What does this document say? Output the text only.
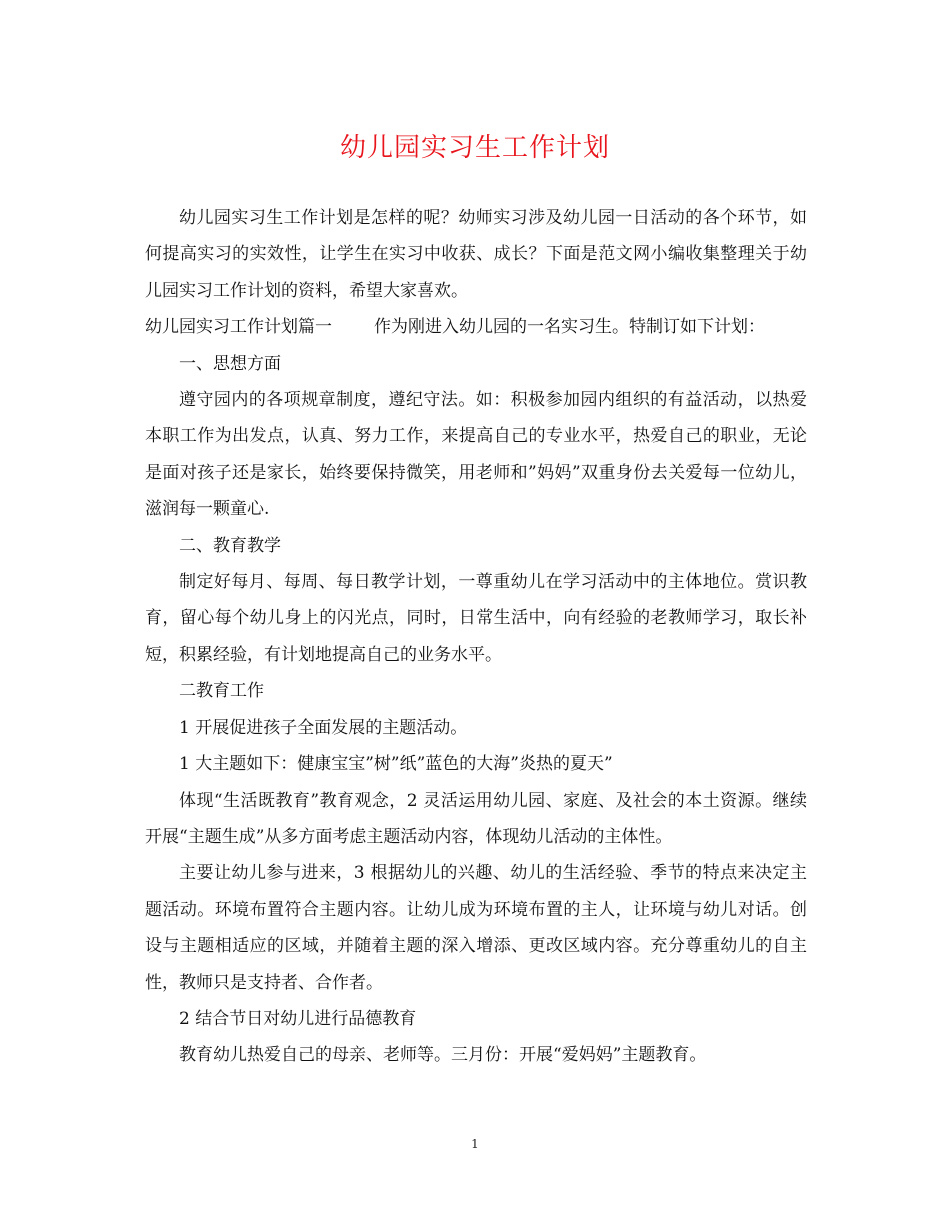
幼儿园实习生工作计划

幼儿园实习生工作计划是怎样的呢？幼师实习涉及幼儿园一日活动的各个环节，如何提高实习的实效性，让学生在实习中收获、成长？下面是范文网小编收集整理关于幼儿园实习工作计划的资料，希望大家喜欢。

幼儿园实习工作计划篇一 作为刚进入幼儿园的一名实习生。特制订如下计划：

一、思想方面

遵守园内的各项规章制度，遵纪守法。如：积极参加园内组织的有益活动，以热爱本职工作为出发点，认真、努力工作，来提高自己的专业水平，热爱自己的职业，无论是面对孩子还是家长，始终要保持微笑，用老师和”妈妈”双重身份去关爱每一位幼儿，滋润每一颗童心.

二、教育教学

制定好每月、每周、每日教学计划，一尊重幼儿在学习活动中的主体地位。赏识教育，留心每个幼儿身上的闪光点，同时，日常生活中，向有经验的老教师学习，取长补短，积累经验，有计划地提高自己的业务水平。

二教育工作

1 开展促进孩子全面发展的主题活动。

1 大主题如下：健康宝宝”树”纸”蓝色的大海”炎热的夏天”

体现“生活既教育”教育观念，2 灵活运用幼儿园、家庭、及社会的本土资源。继续开展“主题生成”从多方面考虑主题活动内容，体现幼儿活动的主体性。

主要让幼儿参与进来，3 根据幼儿的兴趣、幼儿的生活经验、季节的特点来决定主题活动。环境布置符合主题内容。让幼儿成为环境布置的主人，让环境与幼儿对话。创设与主题相适应的区域，并随着主题的深入增添、更改区域内容。充分尊重幼儿的自主性，教师只是支持者、合作者。

2 结合节日对幼儿进行品德教育

教育幼儿热爱自己的母亲、老师等。三月份：开展“爱妈妈”主题教育。

1
